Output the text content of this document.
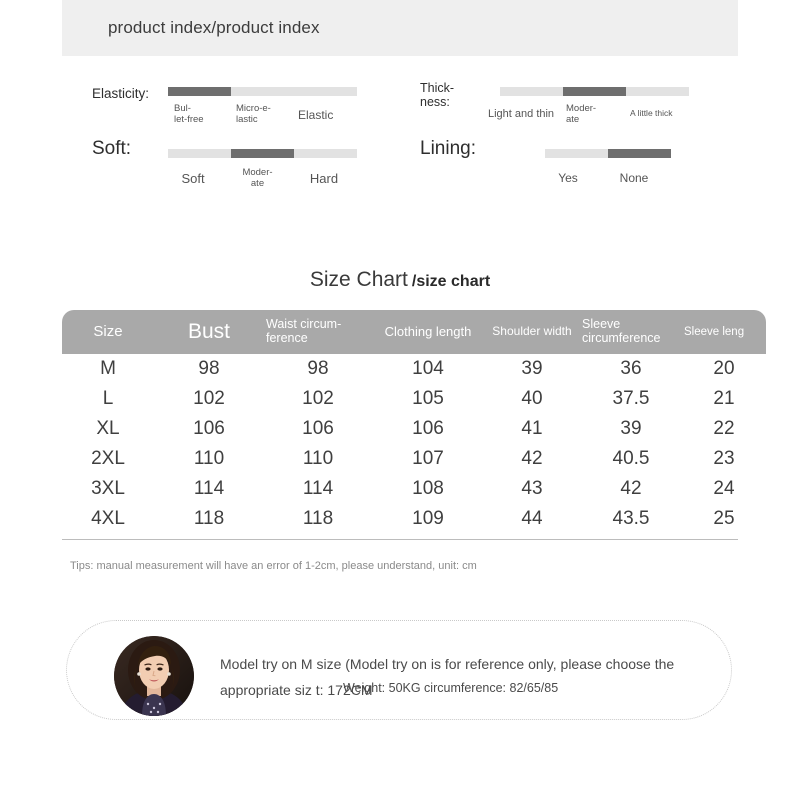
product index/product index
Elasticity:
Bul-
let-free
Micro-e-
lastic	Elastic
Thick-
ness:
Light and thin	Moder-
ate
A little thick
Soft:
Soft	Moder-
ate	Hard
Lining:
Yes	None
Size Chart /size chart
Size	Bust	Waist circum-
ference	Clothing length	Shoulder width	Sleeve
circumference	Sleeve leng
M	98	98	104	39	36	20
L	102	102	105	40	37.5	21
XL	106	106	106	41	39	22
2XL	110	110	107	42	40.5	23
3XL	114	114	108	43	42	24
4XL	118	118	109	44	43.5	25
Tips: manual measurement will have an error of 1-2cm, please understand, unit: cm
Model try on M size (Model try on is for reference only, please choose the appropriate siz t: 172CM
Weight: 50KG circumference: 82/65/85
